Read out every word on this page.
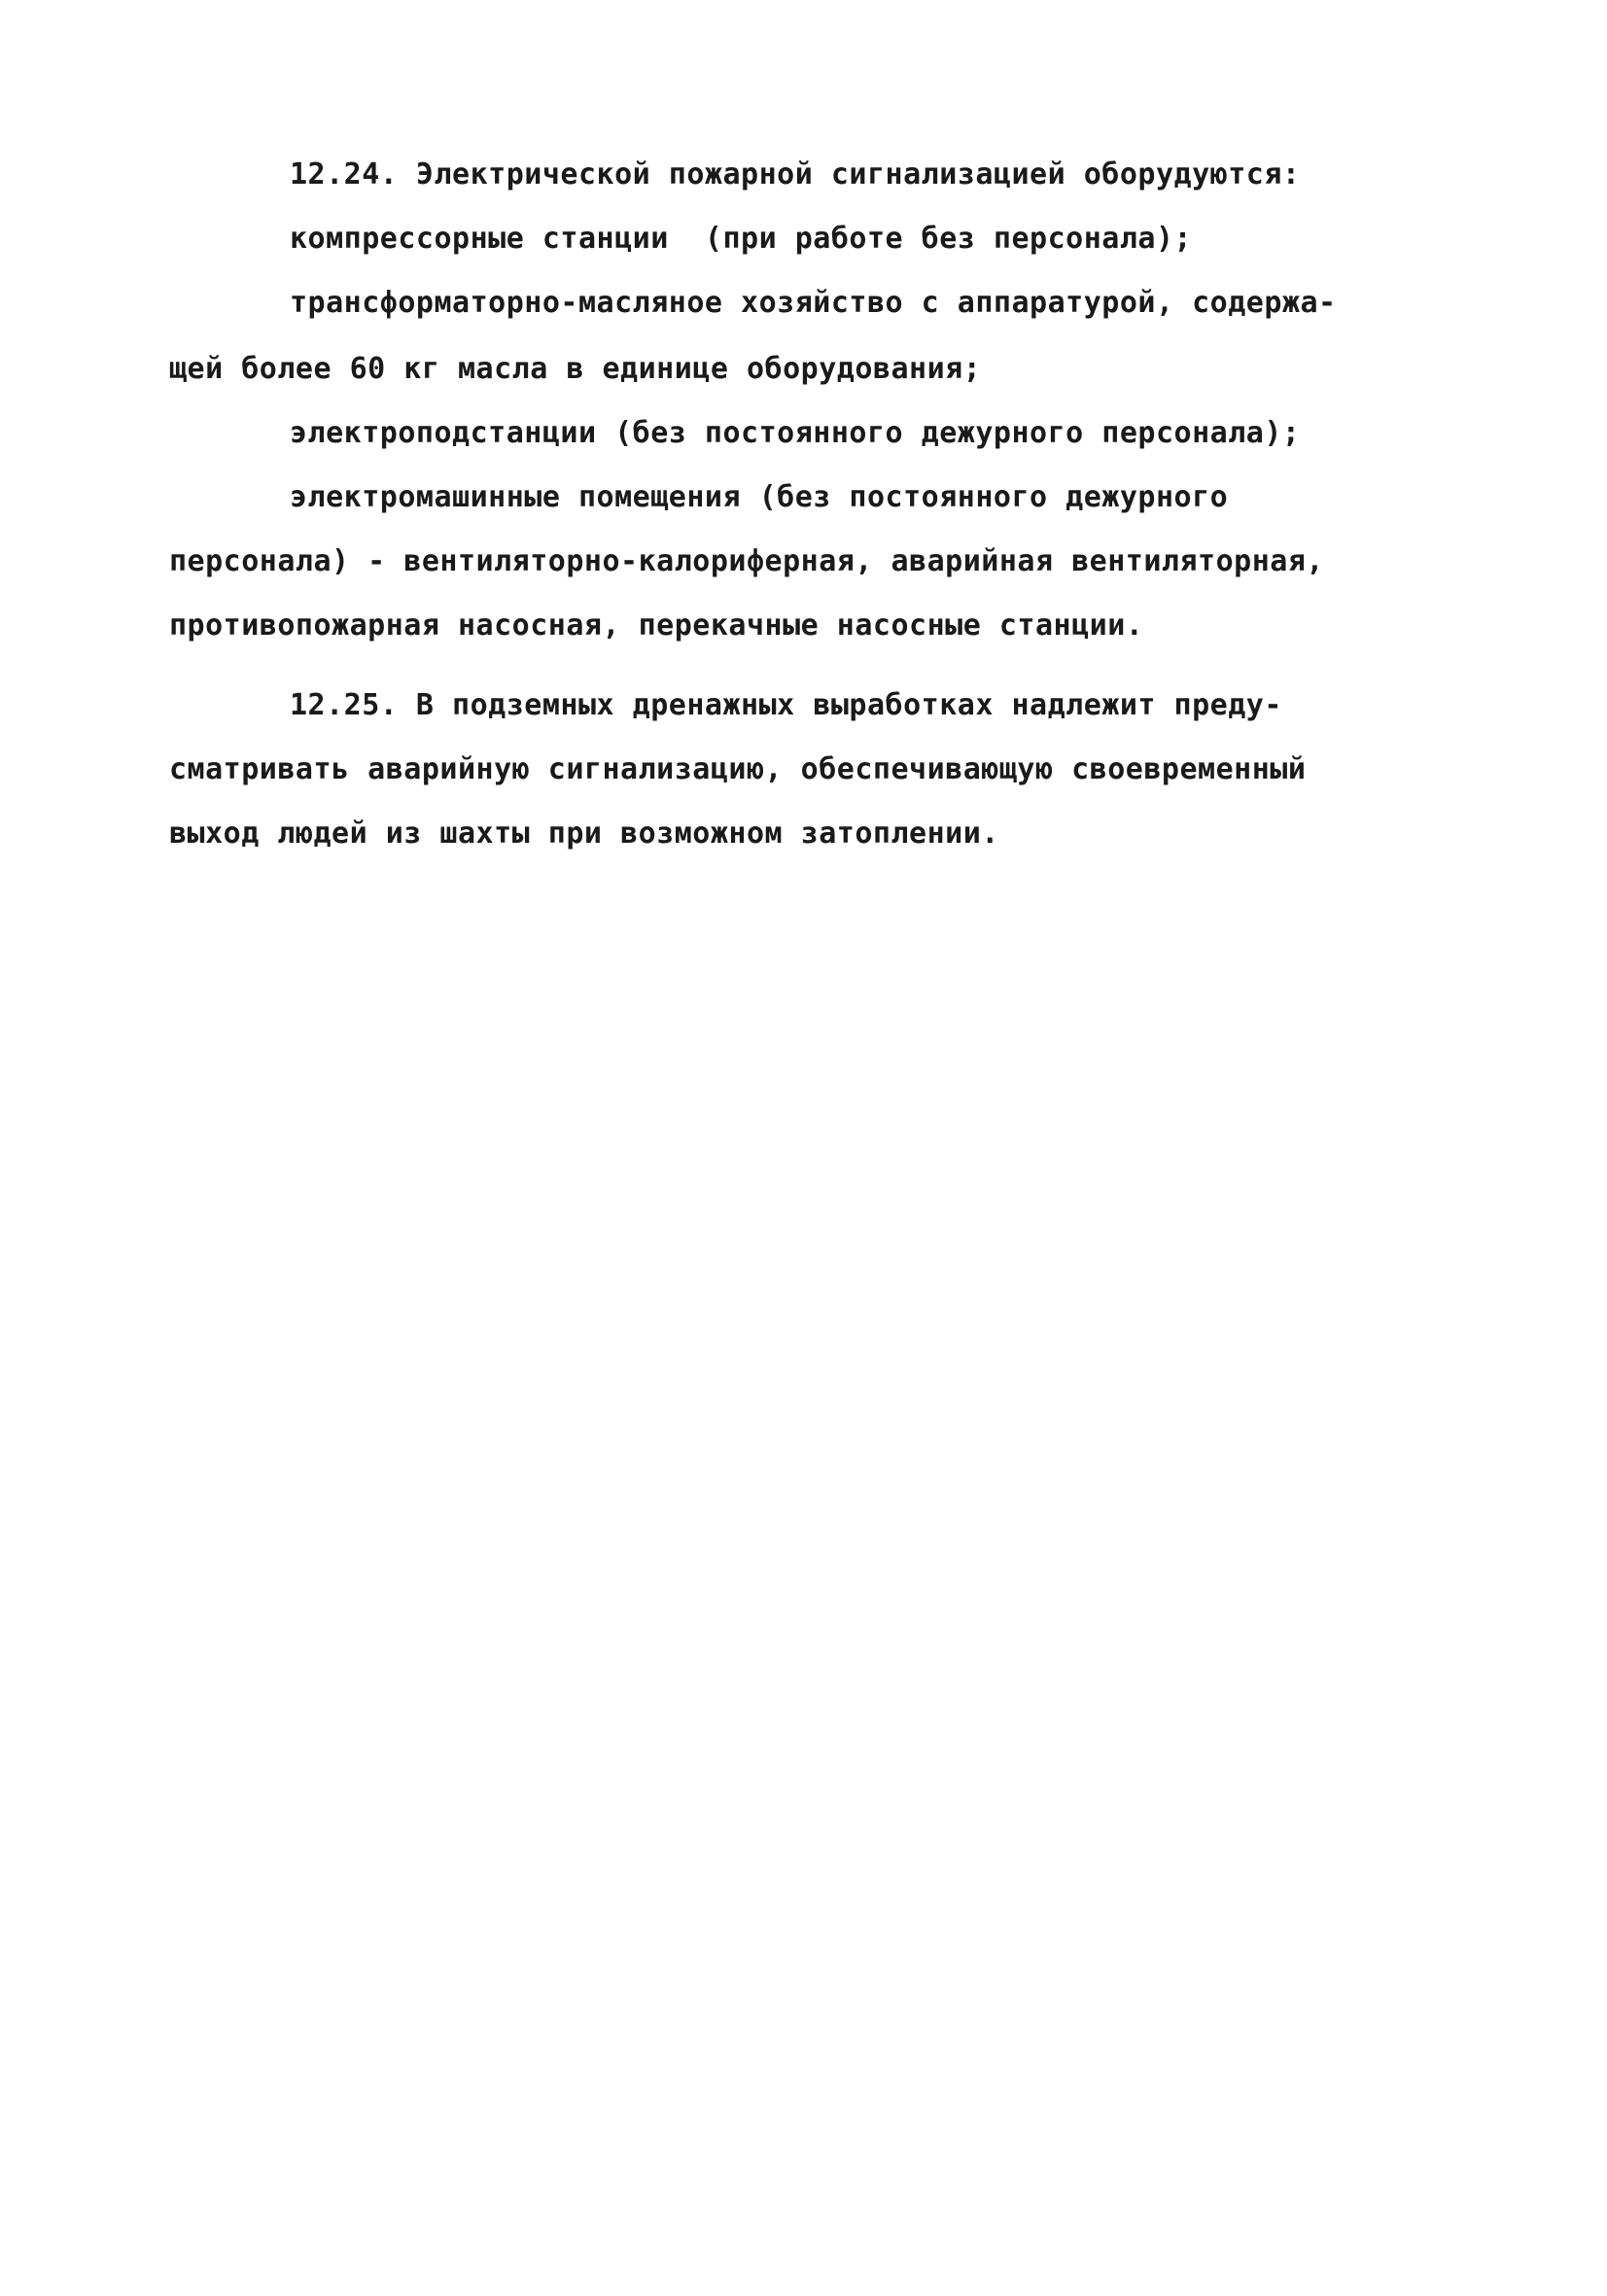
12.24. Электрической пожарной сигнализацией оборудуются:
компрессорные станции  (при работе без персонала);
трансформаторно-масляное хозяйство с аппаратурой, содержа-
щей более 60 кг масла в единице оборудования;
электроподстанции (без постоянного дежурного персонала);
электромашинные помещения (без постоянного дежурного
персонала) - вентиляторно-калориферная, аварийная вентиляторная,
противопожарная насосная, перекачные насосные станции.
12.25. В подземных дренажных выработках надлежит преду-
сматривать аварийную сигнализацию, обеспечивающую своевременный
выход людей из шахты при возможном затоплении.
